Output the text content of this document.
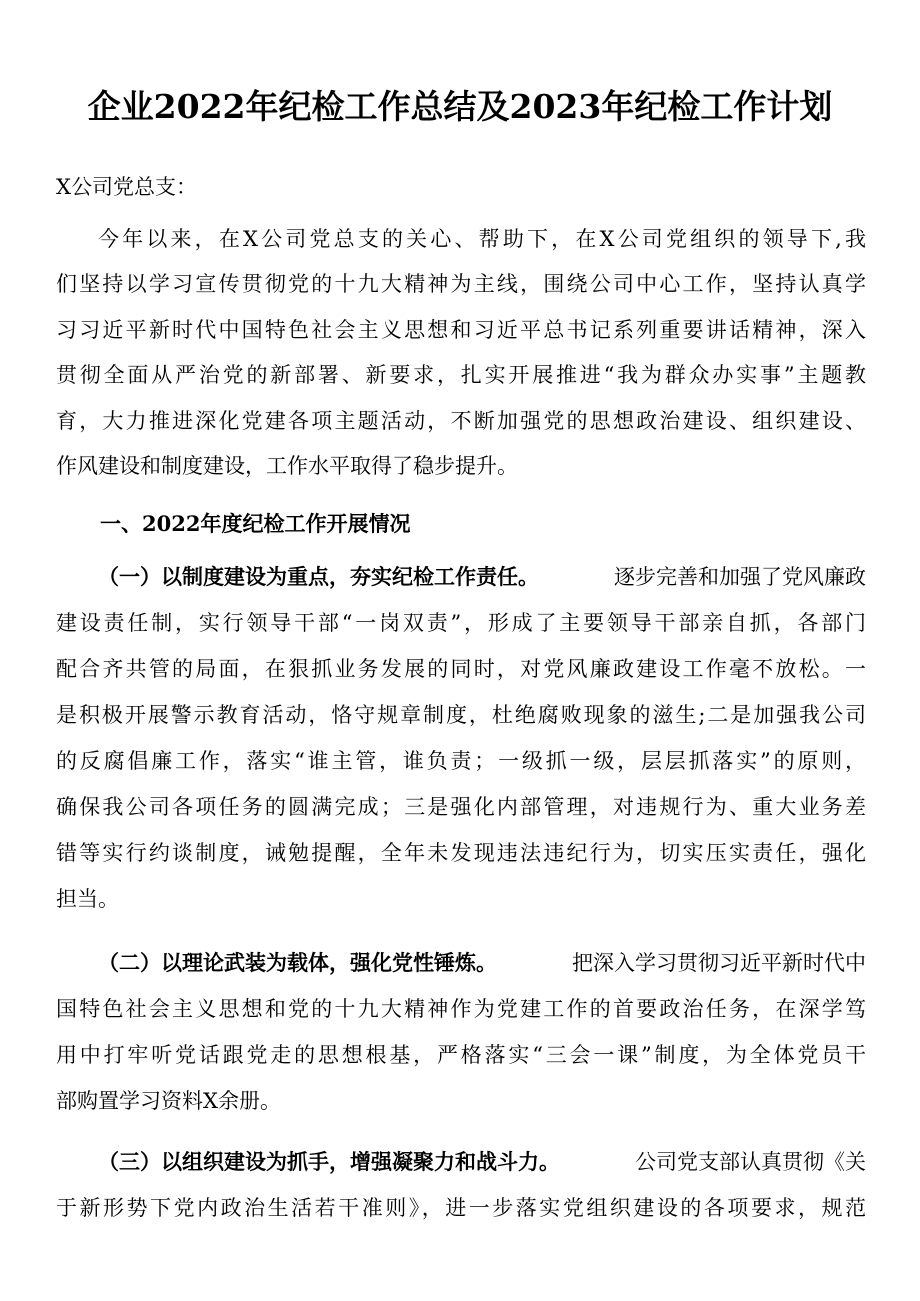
企业2022年纪检工作总结及2023年纪检工作计划
X公司党总支：
今年以来，在X公司党总支的关心、帮助下，在X公司党组织的领导下,我
们坚持以学习宣传贯彻党的十九大精神为主线，围绕公司中心工作，坚持认真学
习习近平新时代中国特色社会主义思想和习近平总书记系列重要讲话精神，深入
贯彻全面从严治党的新部署、新要求，扎实开展推进“我为群众办实事”主题教
育，大力推进深化党建各项主题活动，不断加强党的思想政治建设、组织建设、
作风建设和制度建设，工作水平取得了稳步提升。
一、2022年度纪检工作开展情况
（一）以制度建设为重点，夯实纪检工作责任。	逐步完善和加强了党风廉政
建设责任制，实行领导干部“一岗双责”，形成了主要领导干部亲自抓，各部门
配合齐共管的局面，在狠抓业务发展的同时，对党风廉政建设工作毫不放松。一
是积极开展警示教育活动，恪守规章制度，杜绝腐败现象的滋生;二是加强我公司
的反腐倡廉工作，落实“谁主管，谁负责；一级抓一级，层层抓落实”的原则，
确保我公司各项任务的圆满完成；三是强化内部管理，对违规行为、重大业务差
错等实行约谈制度，诫勉提醒，全年未发现违法违纪行为，切实压实责任，强化
担当。
（二）以理论武装为载体，强化党性锤炼。	把深入学习贯彻习近平新时代中
国特色社会主义思想和党的十九大精神作为党建工作的首要政治任务，在深学笃
用中打牢听党话跟党走的思想根基，严格落实“三会一课”制度，为全体党员干
部购置学习资料X余册。
（三）以组织建设为抓手，增强凝聚力和战斗力。	公司党支部认真贯彻《关
于新形势下党内政治生活若干准则》，进一步落实党组织建设的各项要求，规范
